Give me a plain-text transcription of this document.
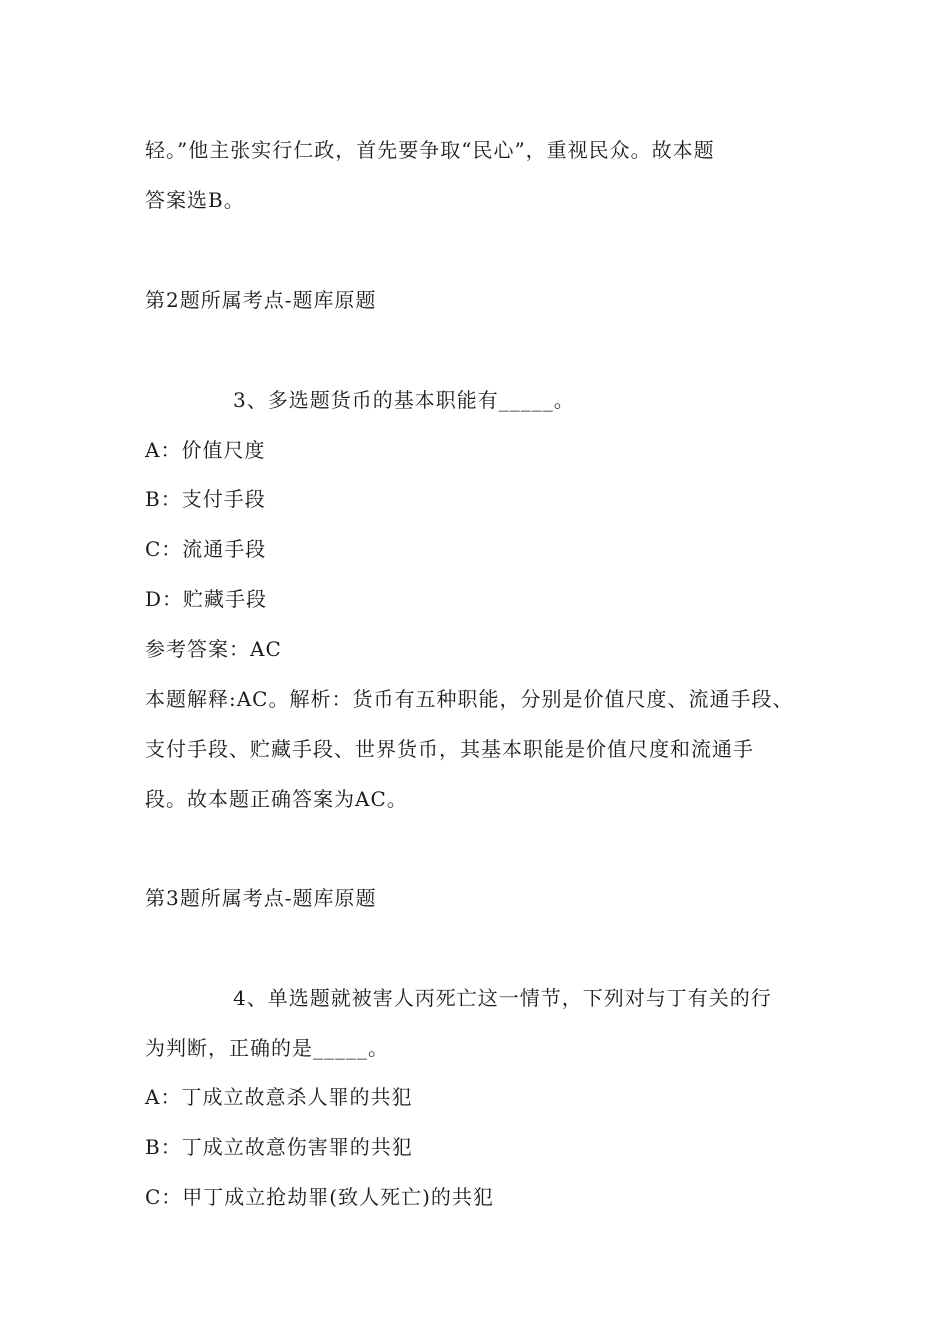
轻。”他主张实行仁政，首先要争取“民心”，重视民众。故本题
答案选B。
第2题所属考点-题库原题
3、多选题货币的基本职能有_____。
A：价值尺度
B：支付手段
C：流通手段
D：贮藏手段
参考答案：AC
本题解释:AC。解析：货币有五种职能，分别是价值尺度、流通手段、
支付手段、贮藏手段、世界货币，其基本职能是价值尺度和流通手
段。故本题正确答案为AC。
第3题所属考点-题库原题
4、单选题就被害人丙死亡这一情节，下列对与丁有关的行
为判断，正确的是_____。
A：丁成立故意杀人罪的共犯
B：丁成立故意伤害罪的共犯
C：甲丁成立抢劫罪(致人死亡)的共犯
